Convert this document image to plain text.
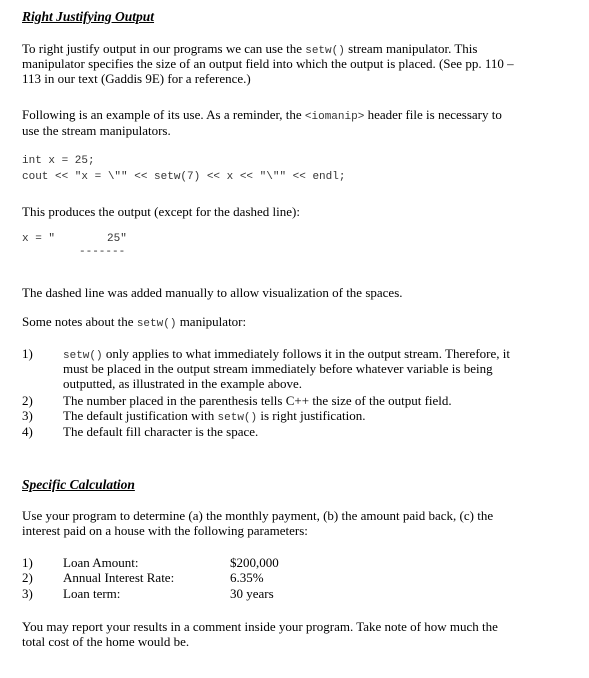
Right Justifying Output
To right justify output in our programs we can use the setw() stream manipulator. This
manipulator specifies the size of an output field into which the output is placed. (See pp. 110 –
113 in our text (Gaddis 9E) for a reference.)
Following is an example of its use. As a reminder, the <iomanip> header file is necessary to
use the stream manipulators.
int x = 25;
cout << "x = \"" << setw(7) << x << "\"" << endl;
This produces the output (except for the dashed line):
x = "	25"
-------
The dashed line was added manually to allow visualization of the spaces.
Some notes about the setw() manipulator:
1)	setw() only applies to what immediately follows it in the output stream. Therefore, it
must be placed in the output stream immediately before whatever variable is being
outputted, as illustrated in the example above.
2) The number placed in the parenthesis tells C++ the size of the output field.
3) The default justification with setw() is right justification.
4) The default fill character is the space.
Specific Calculation
Use your program to determine (a) the monthly payment, (b) the amount paid back, (c) the
interest paid on a house with the following parameters:
1) Loan Amount:	$200,000
2) Annual Interest Rate:	6.35%
3) Loan term:	30 years
You may report your results in a comment inside your program. Take note of how much the
total cost of the home would be.
